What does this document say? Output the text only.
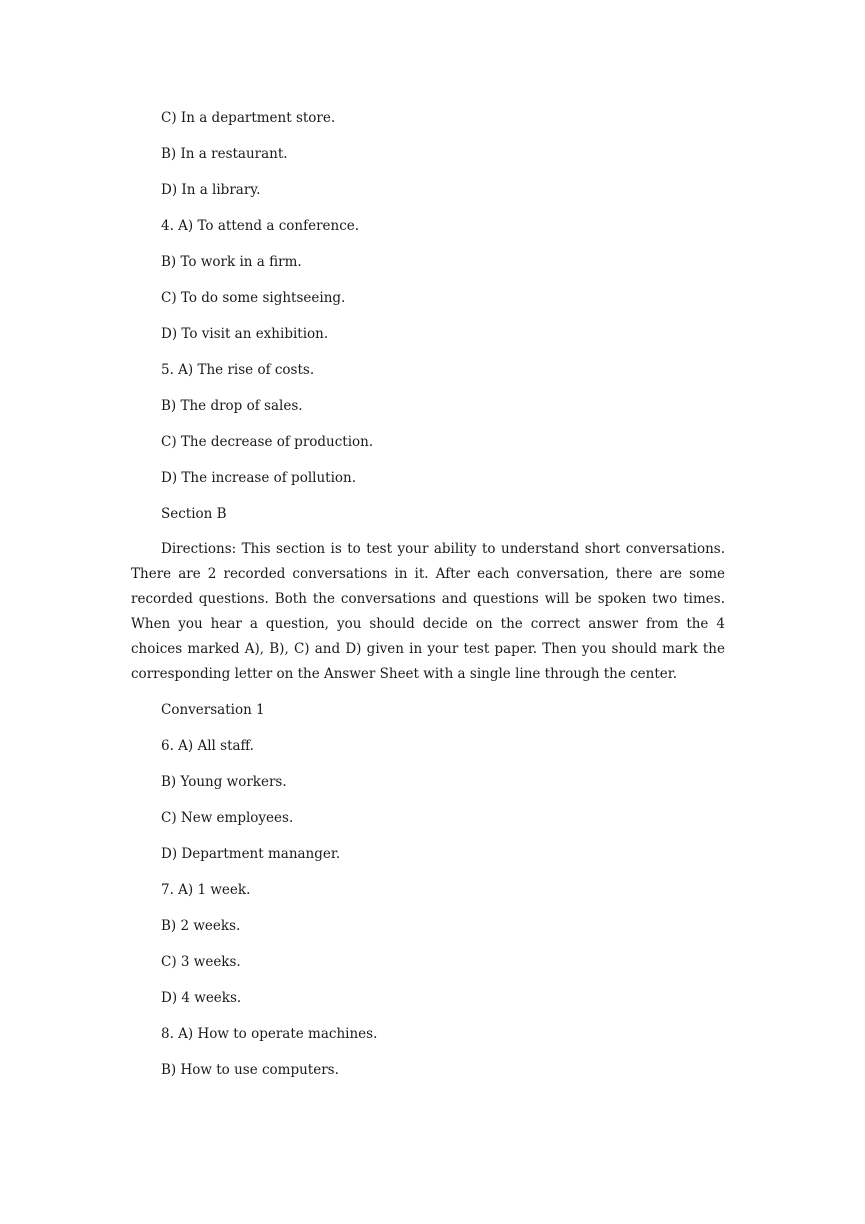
C) In a department store.
B) In a restaurant.
D) In a library.
4. A) To attend a conference.
B) To work in a firm.
C) To do some sightseeing.
D) To visit an exhibition.
5. A) The rise of costs.
B) The drop of sales.
C) The decrease of production.
D) The increase of pollution.
Section B

Directions: This section is to test your ability to understand short conversations. There are 2 recorded conversations in it. After each conversation, there are some recorded questions. Both the conversations and questions will be spoken two times. When you hear a question, you should decide on the correct answer from the 4 choices marked A), B), C) and D) given in your test paper. Then you should mark the corresponding letter on the Answer Sheet with a single line through the center.

Conversation 1
6. A) All staff.
B) Young workers.
C) New employees.
D) Department mananger.
7. A) 1 week.
B) 2 weeks.
C) 3 weeks.
D) 4 weeks.
8. A) How to operate machines.
B) How to use computers.
